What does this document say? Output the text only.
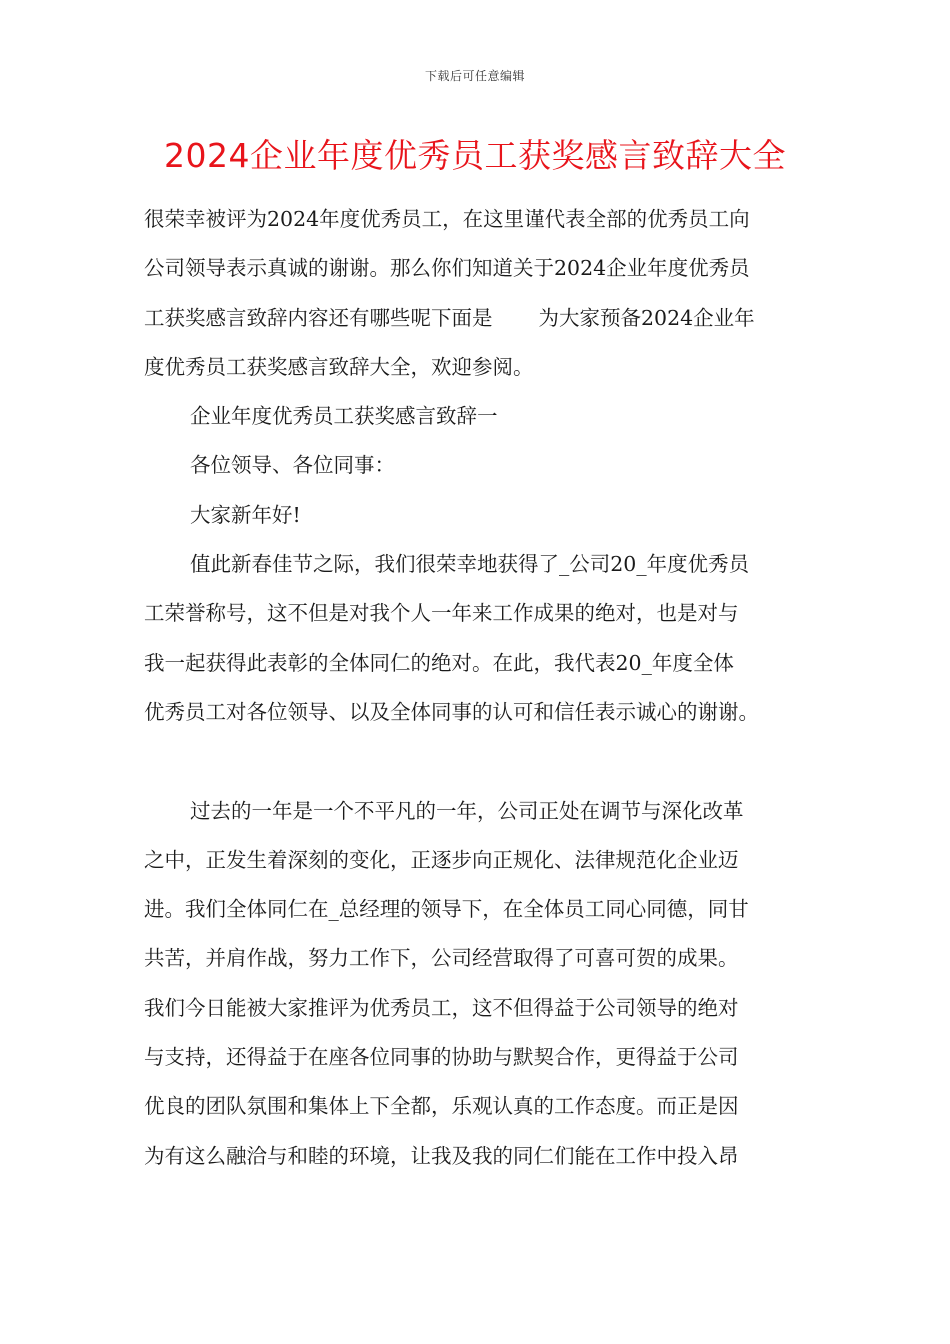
下载后可任意编辑
2024企业年度优秀员工获奖感言致辞大全
很荣幸被评为2024年度优秀员工，在这里谨代表全部的优秀员工向
公司领导表示真诚的谢谢。那么你们知道关于2024企业年度优秀员
工获奖感言致辞内容还有哪些呢下面是 为大家预备2024企业年
度优秀员工获奖感言致辞大全，欢迎参阅。
企业年度优秀员工获奖感言致辞一
各位领导、各位同事：
大家新年好!
值此新春佳节之际，我们很荣幸地获得了_公司20_年度优秀员
工荣誉称号，这不但是对我个人一年来工作成果的绝对，也是对与
我一起获得此表彰的全体同仁的绝对。在此，我代表20_年度全体
优秀员工对各位领导、以及全体同事的认可和信任表示诚心的谢谢。
过去的一年是一个不平凡的一年，公司正处在调节与深化改革
之中，正发生着深刻的变化，正逐步向正规化、法律规范化企业迈
进。我们全体同仁在_总经理的领导下，在全体员工同心同德，同甘
共苦，并肩作战，努力工作下，公司经营取得了可喜可贺的成果。
我们今日能被大家推评为优秀员工，这不但得益于公司领导的绝对
与支持，还得益于在座各位同事的协助与默契合作，更得益于公司
优良的团队氛围和集体上下全都，乐观认真的工作态度。而正是因
为有这么融洽与和睦的环境，让我及我的同仁们能在工作中投入昂
